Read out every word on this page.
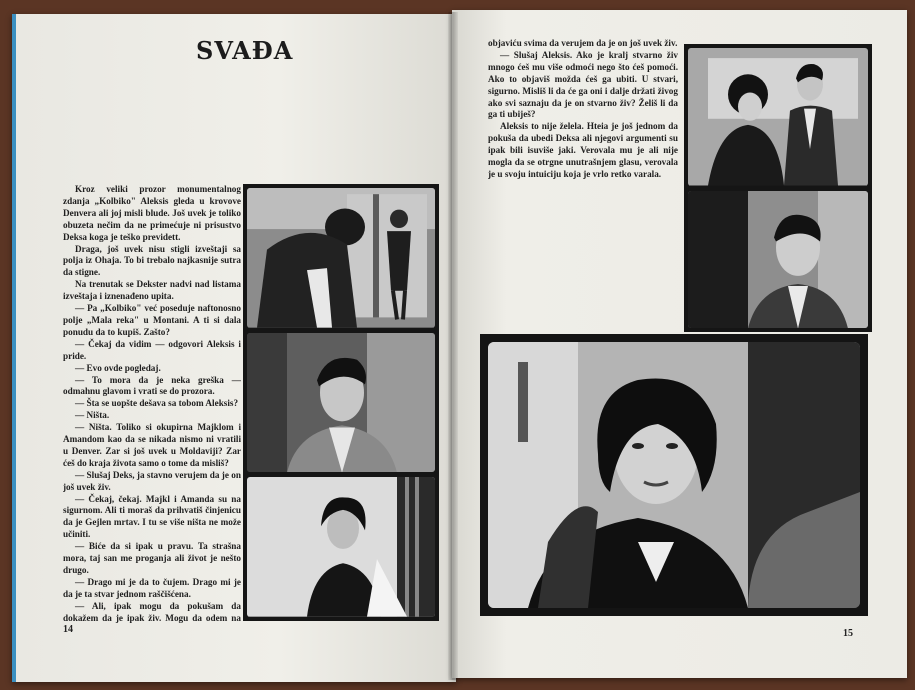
SVAĐA

Kroz veliki prozor monumentalnog zdanja „Kolbiko" Aleksis gleda u krovove Denvera ali joj misli blude. Još uvek je toliko obuzeta nečim da ne primećuje ni prisustvo Deksa koga je teško previdett.

Draga, još uvek nisu stigli izveštaji sa polja iz Ohaja. To bi trebalo najkasnije sutra da stigne.

Na trenutak se Dekster nadvi nad listama izveštaja i iznenađeno upita.

— Pa „Kolbiko" već poseduje naftonosno polje „Mala reka" u Montani. A ti si dala ponudu da to kupiš. Zašto?

— Čekaj da vidim — odgovori Aleksis i pride.

— Evo ovde pogledaj.

— To mora da je neka greška — odmahnu glavom i vrati se do prozora.

— Šta se uopšte dešava sa tobom Aleksis?

— Ništa.

— Ništa. Toliko si okupirna Majklom i Amandom kao da se nikada nismo ni vratili u Denver. Zar si još uvek u Moldaviji? Zar ćeš do kraja života samo o tome da misliš?

— Slušaj Deks, ja stavno verujem da je on još uvek živ.

— Čekaj, čekaj. Majkl i Amanda su na sigurnom. Ali ti moraš da prihvatiš činjenicu da je Gejlen mrtav. I tu se više ništa ne može učiniti.

— Biće da si ipak u pravu. Ta strašna mora, taj san me proganja ali život je nešto drugo.

— Drago mi je da to čujem. Drago mi je da je ta stvar jednom raščišćena.

— Ali, ipak mogu da pokušam da dokažem da je ipak živ. Mogu da odem na

objaviću svima da verujem da je on još uvek živ.

— Slušaj Aleksis. Ako je kralj stvarno živ mnogo ćeš mu više odmoći nego što ćeš pomoći. Ako to objaviš možda ćeš ga ubiti. U stvari, sigurno. Misliš li da će ga oni i dalje držati živog ako svi saznaju da je on stvarno živ? Želiš li da ga ti ubiješ?

Aleksis to nije želela. Hteia je još jednom da pokuša da ubedi Deksa ali njegovi argumenti su ipak bili isuviše jaki. Verovala mu je ali nije mogla da se otrgne unutrašnjem glasu, verovala je u svoju intuiciju koja je vrlo retko varala.

14	15
